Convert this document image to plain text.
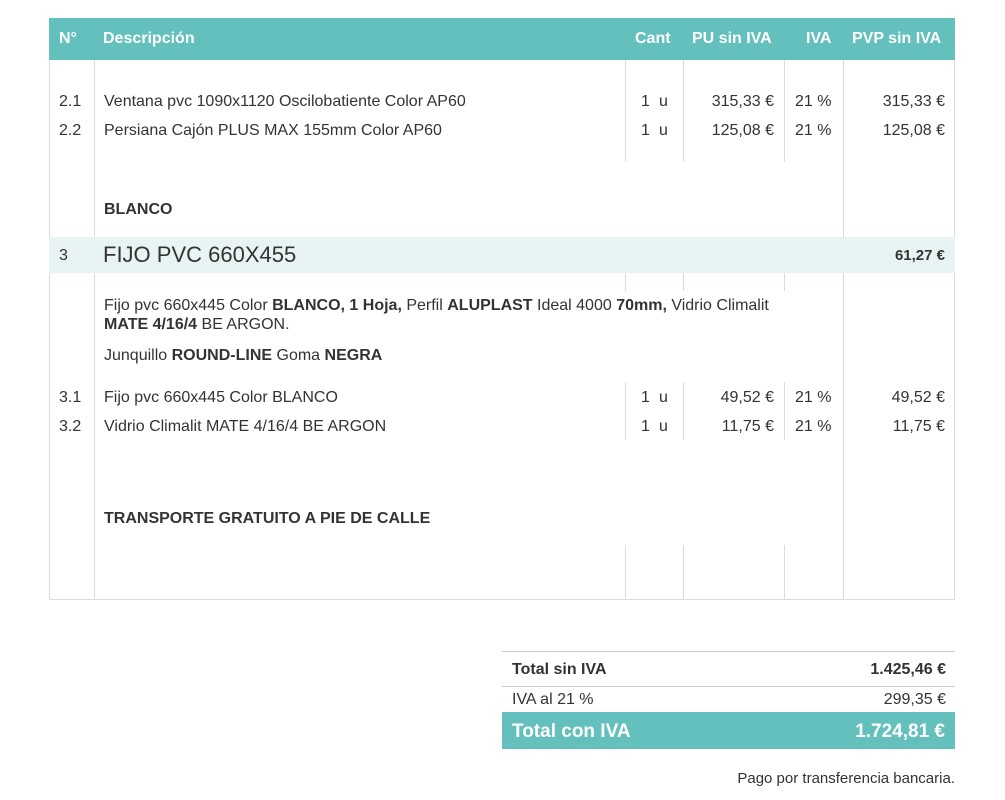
N° Descripción	Cant PU sin IVA IVA PVP sin IVA
2.1 Ventana pvc 1090x1120 Oscilobatiente Color AP60	1 u	315,33 € 21 %	315,33 €
2.2 Persiana Cajón PLUS MAX 155mm Color AP60	1 u	125,08 € 21 %	125,08 €
BLANCO
3 FIJO PVC 660X455	61,27 €
Fijo pvc 660x445 Color BLANCO, 1 Hoja, Perfil ALUPLAST Ideal 4000 70mm, Vidrio Climalit
MATE 4/16/4 BE ARGON.
Junquillo ROUND-LINE Goma NEGRA
3.1 Fijo pvc 660x445 Color BLANCO	1 u	49,52 € 21 %	49,52 €
3.2 Vidrio Climalit MATE 4/16/4 BE ARGON	1 u	11,75 € 21 %	11,75 €
TRANSPORTE GRATUITO A PIE DE CALLE
Total sin IVA	1.425,46 €
IVA al 21 %	299,35 €
Total con IVA	1.724,81 €
Pago por transferencia bancaria.
